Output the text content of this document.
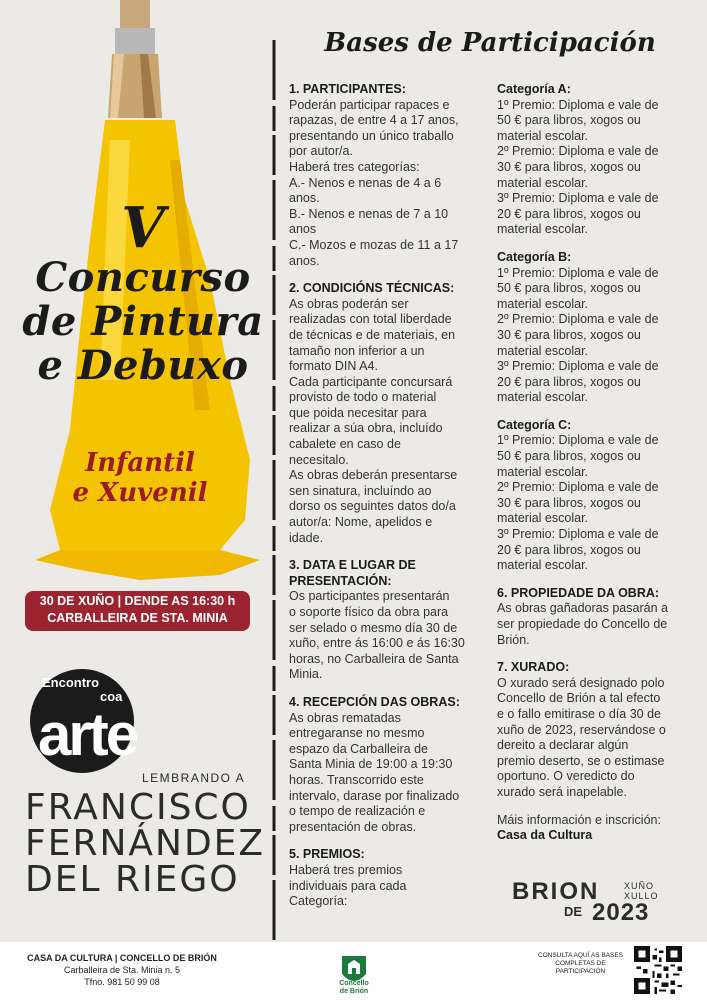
V
Concurso
de Pintura
e Debuxo
Infantil
e Xuvenil
30 DE XUÑO | DENDE AS 16:30 h
CARBALLEIRA DE STA. MINIA
Encontro
coa
arte
LEMBRANDO A
FRANCISCO
FERNÁNDEZ
DEL RIEGO
Bases de Participación
1. PARTICIPANTES:

Poderán participar rapaces e
rapazas, de entre 4 a 17 anos,
presentando un único traballo
por autor/a.
Haberá tres categorías:
A.- Nenos e nenas de 4 a 6
anos.
B.- Nenos e nenas de 7 a 10
anos
C.- Mozos e mozas de 11 a 17
anos.

2. CONDICIÓNS TÉCNICAS:

As obras poderán ser
realizadas con total liberdade
de técnicas e de materiais, en
tamaño non inferior a un
formato DIN A4.
Cada participante concursará
provisto de todo o material
que poida necesitar para
realizar a súa obra, incluído
cabalete en caso de
necesitalo.
As obras deberán presentarse
sen sinatura, incluíndo ao
dorso os seguintes datos do/a
autor/a: Nome, apelidos e
idade.

3. DATA E LUGAR DE PRESENTACIÓN:

Os participantes presentarán
o soporte físico da obra para
ser selado o mesmo día 30 de
xuño, entre ás 16:00 e ás 16:30
horas, no Carballeira de Santa
Minia.

4. RECEPCIÓN DAS OBRAS:

As obras rematadas
entregaranse no mesmo
espazo da Carballeira de
Santa Minia de 19:00 a 19:30
horas. Transcorrido este
intervalo, darase por finalizado
o tempo de realización e
presentación de obras.

5. PREMIOS:

Haberá tres premios
individuais para cada
Categoría:

Categoría A:

1º Premio: Diploma e vale de
50 € para libros, xogos ou
material escolar.
2º Premio: Diploma e vale de
30 € para libros, xogos ou
material escolar.
3º Premio: Diploma e vale de
20 € para libros, xogos ou
material escolar.

Categoría B:

1º Premio: Diploma e vale de
50 € para libros, xogos ou
material escolar.
2º Premio: Diploma e vale de
30 € para libros, xogos ou
material escolar.
3º Premio: Diploma e vale de
20 € para libros, xogos ou
material escolar.

Categoría C:

1º Premio: Diploma e vale de
50 € para libros, xogos ou
material escolar.
2º Premio: Diploma e vale de
30 € para libros, xogos ou
material escolar.
3º Premio: Diploma e vale de
20 € para libros, xogos ou
material escolar.

6. PROPIEDADE DA OBRA:

As obras gañadoras pasarán a
ser propiedade do Concello de
Brión.

7. XURADO:

O xurado será designado polo
Concello de Brión a tal efecto
e o fallo emitirase o día 30 de
xuño de 2023, reservándose o
dereito a declarar algún
premio deserto, se o estimase
oportuno. O veredicto do
xurado será inapelable.

Máis información e inscrición:
Casa da Cultura
BRION	XUÑO
XULLO
DE 2023
CASA DA CULTURA | CONCELLO DE BRIÓN
Carballeira de Sta. Minia n. 5
Tfno. 981 50 99 08	Concello
de Brión
CONSULTA AQUÍ AS BASES COMPLETAS DE PARTICIPACIÓN
